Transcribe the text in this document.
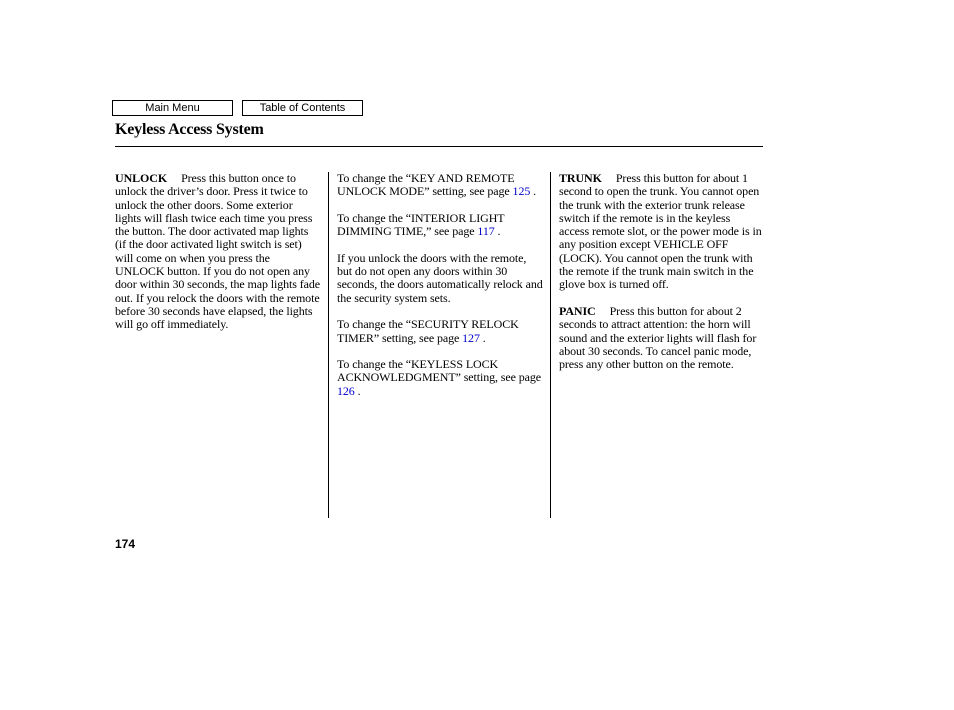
Main Menu	Table of Contents
Keyless Access System

UNLOCK Press this button once to unlock the driver’s door. Press it twice to unlock the other doors. Some exterior lights will flash twice each time you press the button. The door activated map lights (if the door activated light switch is set) will come on when you press the UNLOCK button. If you do not open any door within 30 seconds, the map lights fade out. If you relock the doors with the remote before 30 seconds have elapsed, the lights will go off immediately.

To change the “KEY AND REMOTE UNLOCK MODE” setting, see page 125 .

To change the “INTERIOR LIGHT DIMMING TIME,” see page 117 .

If you unlock the doors with the remote, but do not open any doors within 30 seconds, the doors automatically relock and the security system sets.

To change the “SECURITY RELOCK TIMER” setting, see page 127 .

To change the “KEYLESS LOCK ACKNOWLEDGMENT” setting, see page 126 .

TRUNK Press this button for about 1 second to open the trunk. You cannot open the trunk with the exterior trunk release switch if the remote is in the keyless access remote slot, or the power mode is in any position except VEHICLE OFF (LOCK). You cannot open the trunk with the remote if the trunk main switch in the glove box is turned off.

PANIC Press this button for about 2 seconds to attract attention: the horn will sound and the exterior lights will flash for about 30 seconds. To cancel panic mode, press any other button on the remote.

174
